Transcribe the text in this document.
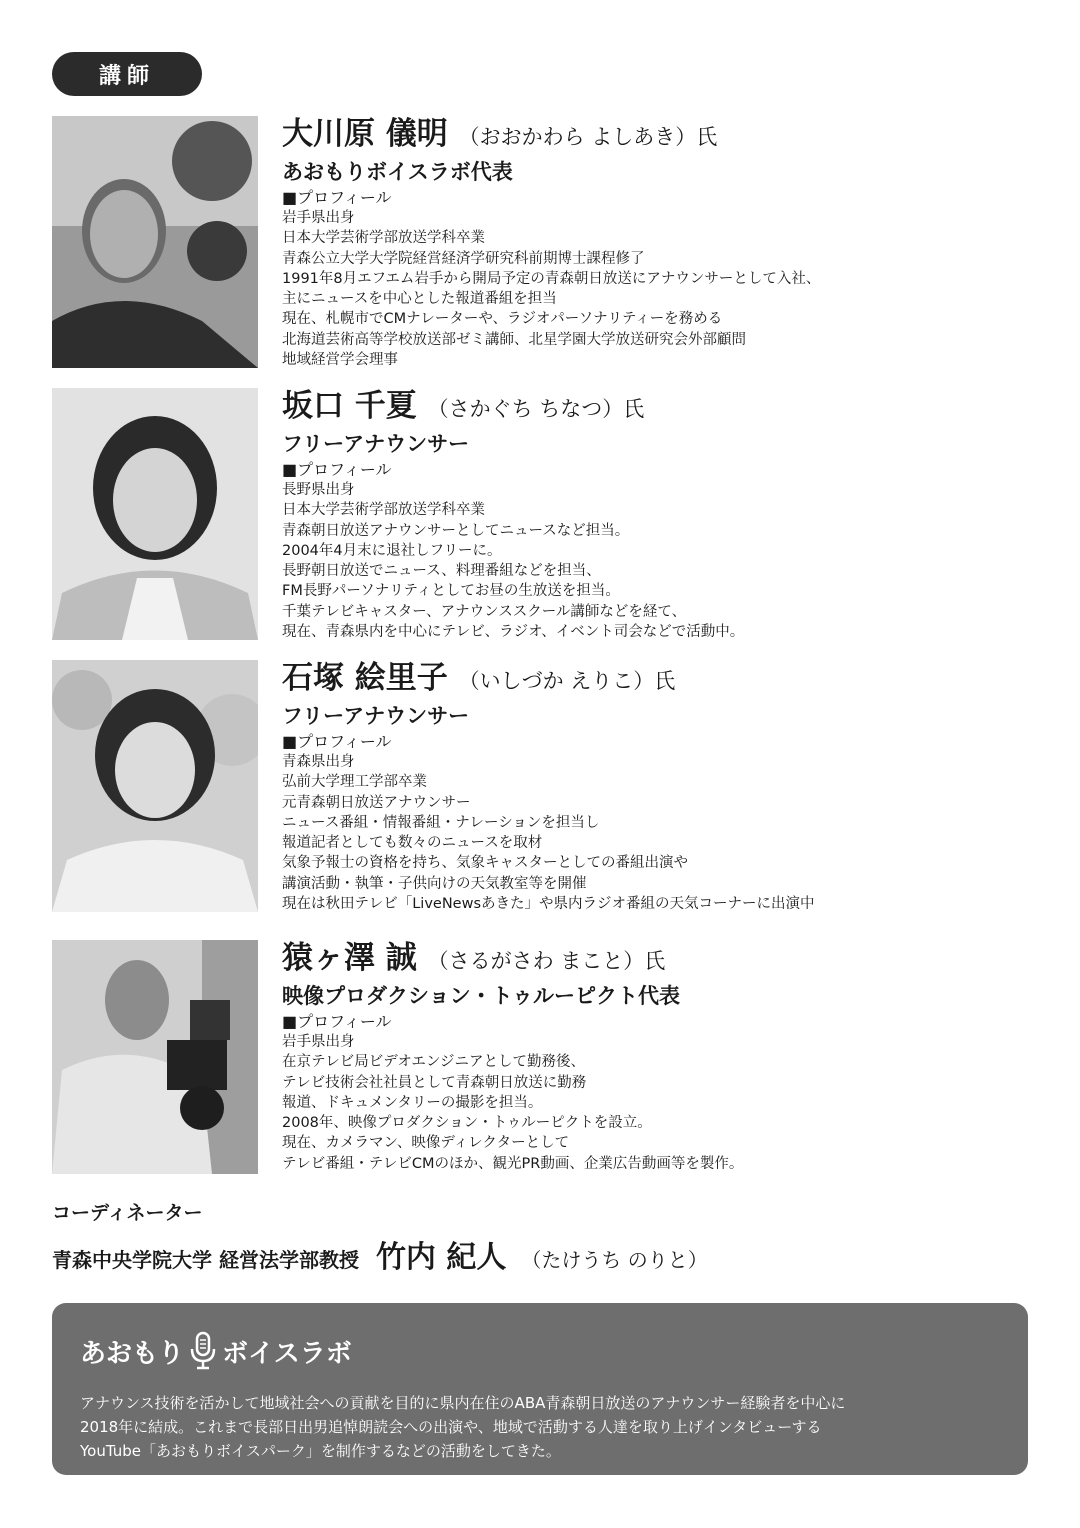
講師
大川原 儀明 （おおかわら よしあき）氏
あおもりボイスラボ代表
■プロフィール
岩手県出身
日本大学芸術学部放送学科卒業
青森公立大学大学院経営経済学研究科前期博士課程修了
1991年8月エフエム岩手から開局予定の青森朝日放送にアナウンサーとして入社、
主にニュースを中心とした報道番組を担当
現在、札幌市でCMナレーターや、ラジオパーソナリティーを務める
北海道芸術高等学校放送部ゼミ講師、北星学園大学放送研究会外部顧問
地域経営学会理事
坂口 千夏 （さかぐち ちなつ）氏
フリーアナウンサー
■プロフィール
長野県出身
日本大学芸術学部放送学科卒業
青森朝日放送アナウンサーとしてニュースなど担当。
2004年4月末に退社しフリーに。
長野朝日放送でニュース、料理番組などを担当、
FM長野パーソナリティとしてお昼の生放送を担当。
千葉テレビキャスター、アナウンススクール講師などを経て、
現在、青森県内を中心にテレビ、ラジオ、イベント司会などで活動中。
石塚 絵里子 （いしづか えりこ）氏
フリーアナウンサー
■プロフィール
青森県出身
弘前大学理工学部卒業
元青森朝日放送アナウンサー
ニュース番組・情報番組・ナレーションを担当し
報道記者としても数々のニュースを取材
気象予報士の資格を持ち、気象キャスターとしての番組出演や
講演活動・執筆・子供向けの天気教室等を開催
現在は秋田テレビ「LiveNewsあきた」や県内ラジオ番組の天気コーナーに出演中
猿ヶ澤 誠 （さるがさわ まこと）氏
映像プロダクション・トゥルーピクト代表
■プロフィール
岩手県出身
在京テレビ局ビデオエンジニアとして勤務後、
テレビ技術会社社員として青森朝日放送に勤務
報道、ドキュメンタリーの撮影を担当。
2008年、映像プロダクション・トゥルーピクトを設立。
現在、カメラマン、映像ディレクターとして
テレビ番組・テレビCMのほか、観光PR動画、企業広告動画等を製作。
コーディネーター
青森中央学院大学 経営法学部教授 竹内 紀人 （たけうち のりと）
あおもり ボイスラボ
アナウンス技術を活かして地域社会への貢献を目的に県内在住のABA青森朝日放送のアナウンサー経験者を中心に
2018年に結成。これまで長部日出男追悼朗読会への出演や、地域で活動する人達を取り上げインタビューする
YouTube「あおもりボイスパーク」を制作するなどの活動をしてきた。
